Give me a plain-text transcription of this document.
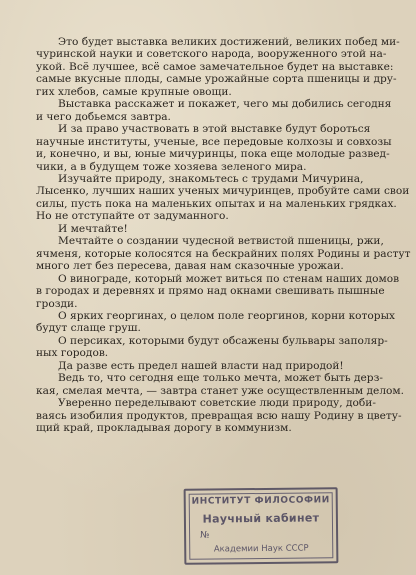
Это будет выставка великих достижений, великих побед ми-
чуринской науки и советского народа, вооруженного этой на-
укой. Всё лучшее, всё самое замечательное будет на выставке:
самые вкусные плоды, самые урожайные сорта пшеницы и дру-
гих хлебов, самые крупные овощи.
Выставка расскажет и покажет, чего мы добились сегодня
и чего добьемся завтра.
И за право участвовать в этой выставке будут бороться
научные институты, ученые, все передовые колхозы и совхозы
и, конечно, и вы, юные мичуринцы, пока еще молодые развед-
чики, а в будущем тоже хозяева зеленого мира.
Изучайте природу, знакомьтесь с трудами Мичурина,
Лысенко, лучших наших ученых мичуринцев, пробуйте сами свои
силы, пусть пока на маленьких опытах и на маленьких грядках.
Но не отступайте от задуманного.
И мечтайте!
Мечтайте о создании чудесной ветвистой пшеницы, ржи,
ячменя, которые колосятся на бескрайних полях Родины и растут
много лет без пересева, давая нам сказочные урожаи.
О винограде, который может виться по стенам наших домов
в городах и деревнях и прямо над окнами свешивать пышные
грозди.
О ярких георгинах, о целом поле георгинов, корни которых
будут слаще груш.
О персиках, которыми будут обсажены бульвары заполяр-
ных городов.
Да разве есть предел нашей власти над природой!
Ведь то, что сегодня еще только мечта, может быть дерз-
кая, смелая мечта, — завтра станет уже осуществленным делом.
Уверенно переделывают советские люди природу, доби-
ваясь изобилия продуктов, превращая всю нашу Родину в цвету-
щий край, прокладывая дорогу в коммунизм.
ИНСТИТУТ ФИЛОСОФИИ
Научный кабинет
№
Академии Наук СССР
